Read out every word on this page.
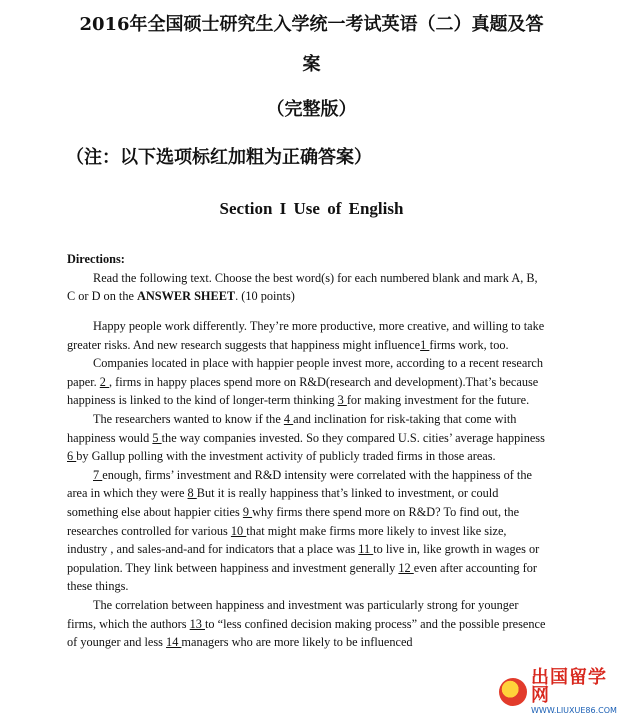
2016年全国硕士研究生入学统一考试英语（二）真题及答

案

（完整版）

（注：以下选项标红加粗为正确答案）

Section I Use of English

Directions:

Read the following text. Choose the best word(s) for each numbered blank and mark A, B, C or D on the ANSWER SHEET. (10 points)

Happy people work differently. They’re more productive, more creative, and willing to take greater risks. And new research suggests that happiness might influence1 firms work, too.

Companies located in place with happier people invest more, according to a recent research paper. 2 , firms in happy places spend more on R&D(research and development).That’s because happiness is linked to the kind of longer-term thinking 3 for making investment for the future.

The researchers wanted to know if the 4 and inclination for risk-taking that come with happiness would 5 the way companies invested. So they compared U.S. cities’ average happiness 6 by Gallup polling with the investment activity of publicly traded firms in those areas.

7 enough, firms’ investment and R&D intensity were correlated with the happiness of the area in which they were 8 But it is really happiness that’s linked to investment, or could something else about happier cities 9 why firms there spend more on R&D? To find out, the researches controlled for various 10 that might make firms more likely to invest like size, industry , and sales-and-and for indicators that a place was 11 to live in, like growth in wages or population. They link between happiness and investment generally 12 even after accounting for these things.

The correlation between happiness and investment was particularly strong for younger firms, which the authors 13 to “less confined decision making process” and the possible presence of younger and less 14 managers who are more likely to be influenced

出国留学网
WWW.LIUXUE86.COM
